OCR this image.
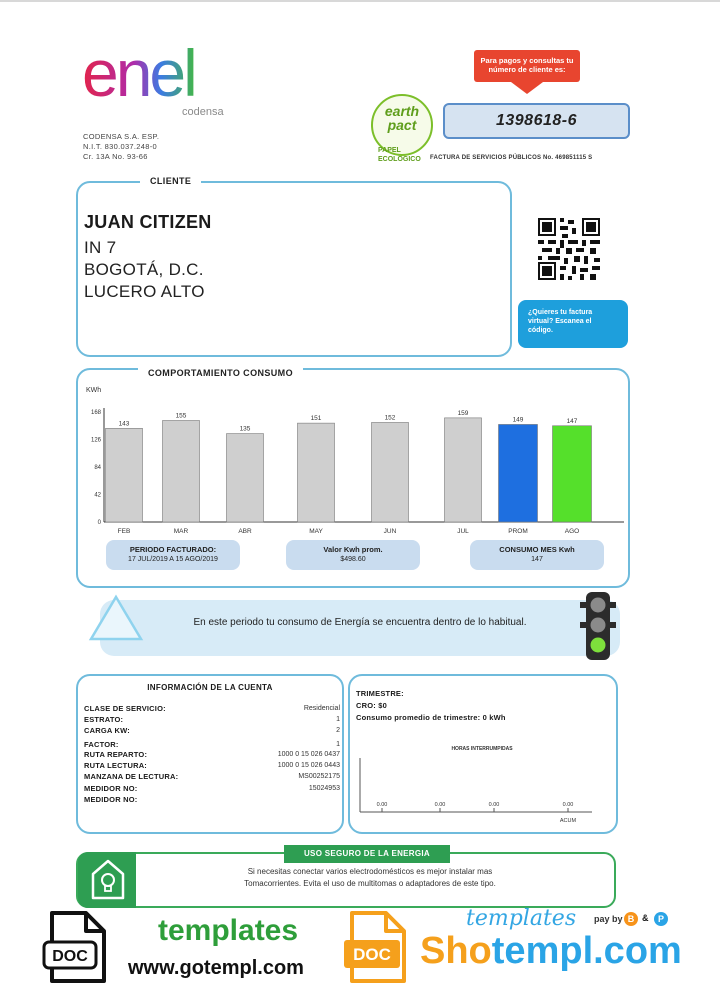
enel
codensa
CODENSA S.A. ESP.
N.I.T. 830.037.248-0
Cr. 13A No. 93-66
earth
pact
PAPEL
ECOLOGICO
Para pagos y consultas tu número de cliente es:
1398618-6
FACTURA DE SERVICIOS PÚBLICOS No. 469851115 S
CLIENTE
JUAN CITIZEN
IN 7
BOGOTÁ, D.C.
LUCERO ALTO
¿Quieres tu factura virtual? Escanea el código.
COMPORTAMIENTO CONSUMO
KWh
168
126
84
42
0
143
FEB
155
MAR
135
ABR
151
MAY
152
JUN
159
JUL
149
PROM
147
AGO
PERIODO FACTURADO:
17 JUL/2019 A 15 AGO/2019
Valor Kwh prom.
$498.60
CONSUMO MES Kwh
147
En este periodo tu consumo de Energía se encuentra dentro de lo habitual.
INFORMACIÓN DE LA CUENTA
CLASE DE SERVICIO:	Residencial
ESTRATO:	1
CARGA KW:	2
FACTOR:	1
RUTA REPARTO:	1000 0 15 026 0437
RUTA LECTURA:	1000 0 15 026 0443
MANZANA DE LECTURA:	MS00252175
MEDIDOR NO:	15024953
MEDIDOR NO:
TRIMESTRE:
CRO: $0
Consumo promedio de trimestre: 0 kWh
HORAS INTERRUMPIDAS
0.00	0.00	0.00	0.00
ACUM
USO SEGURO DE LA ENERGIA
Si necesitas conectar varios electrodomésticos es mejor instalar mas
Tomacorrientes. Evita el uso de multitomas o adaptadores de este tipo.
DOC
templates
www.gotempl.com
DOC
templates pay by B &	P
Shotempl.com
